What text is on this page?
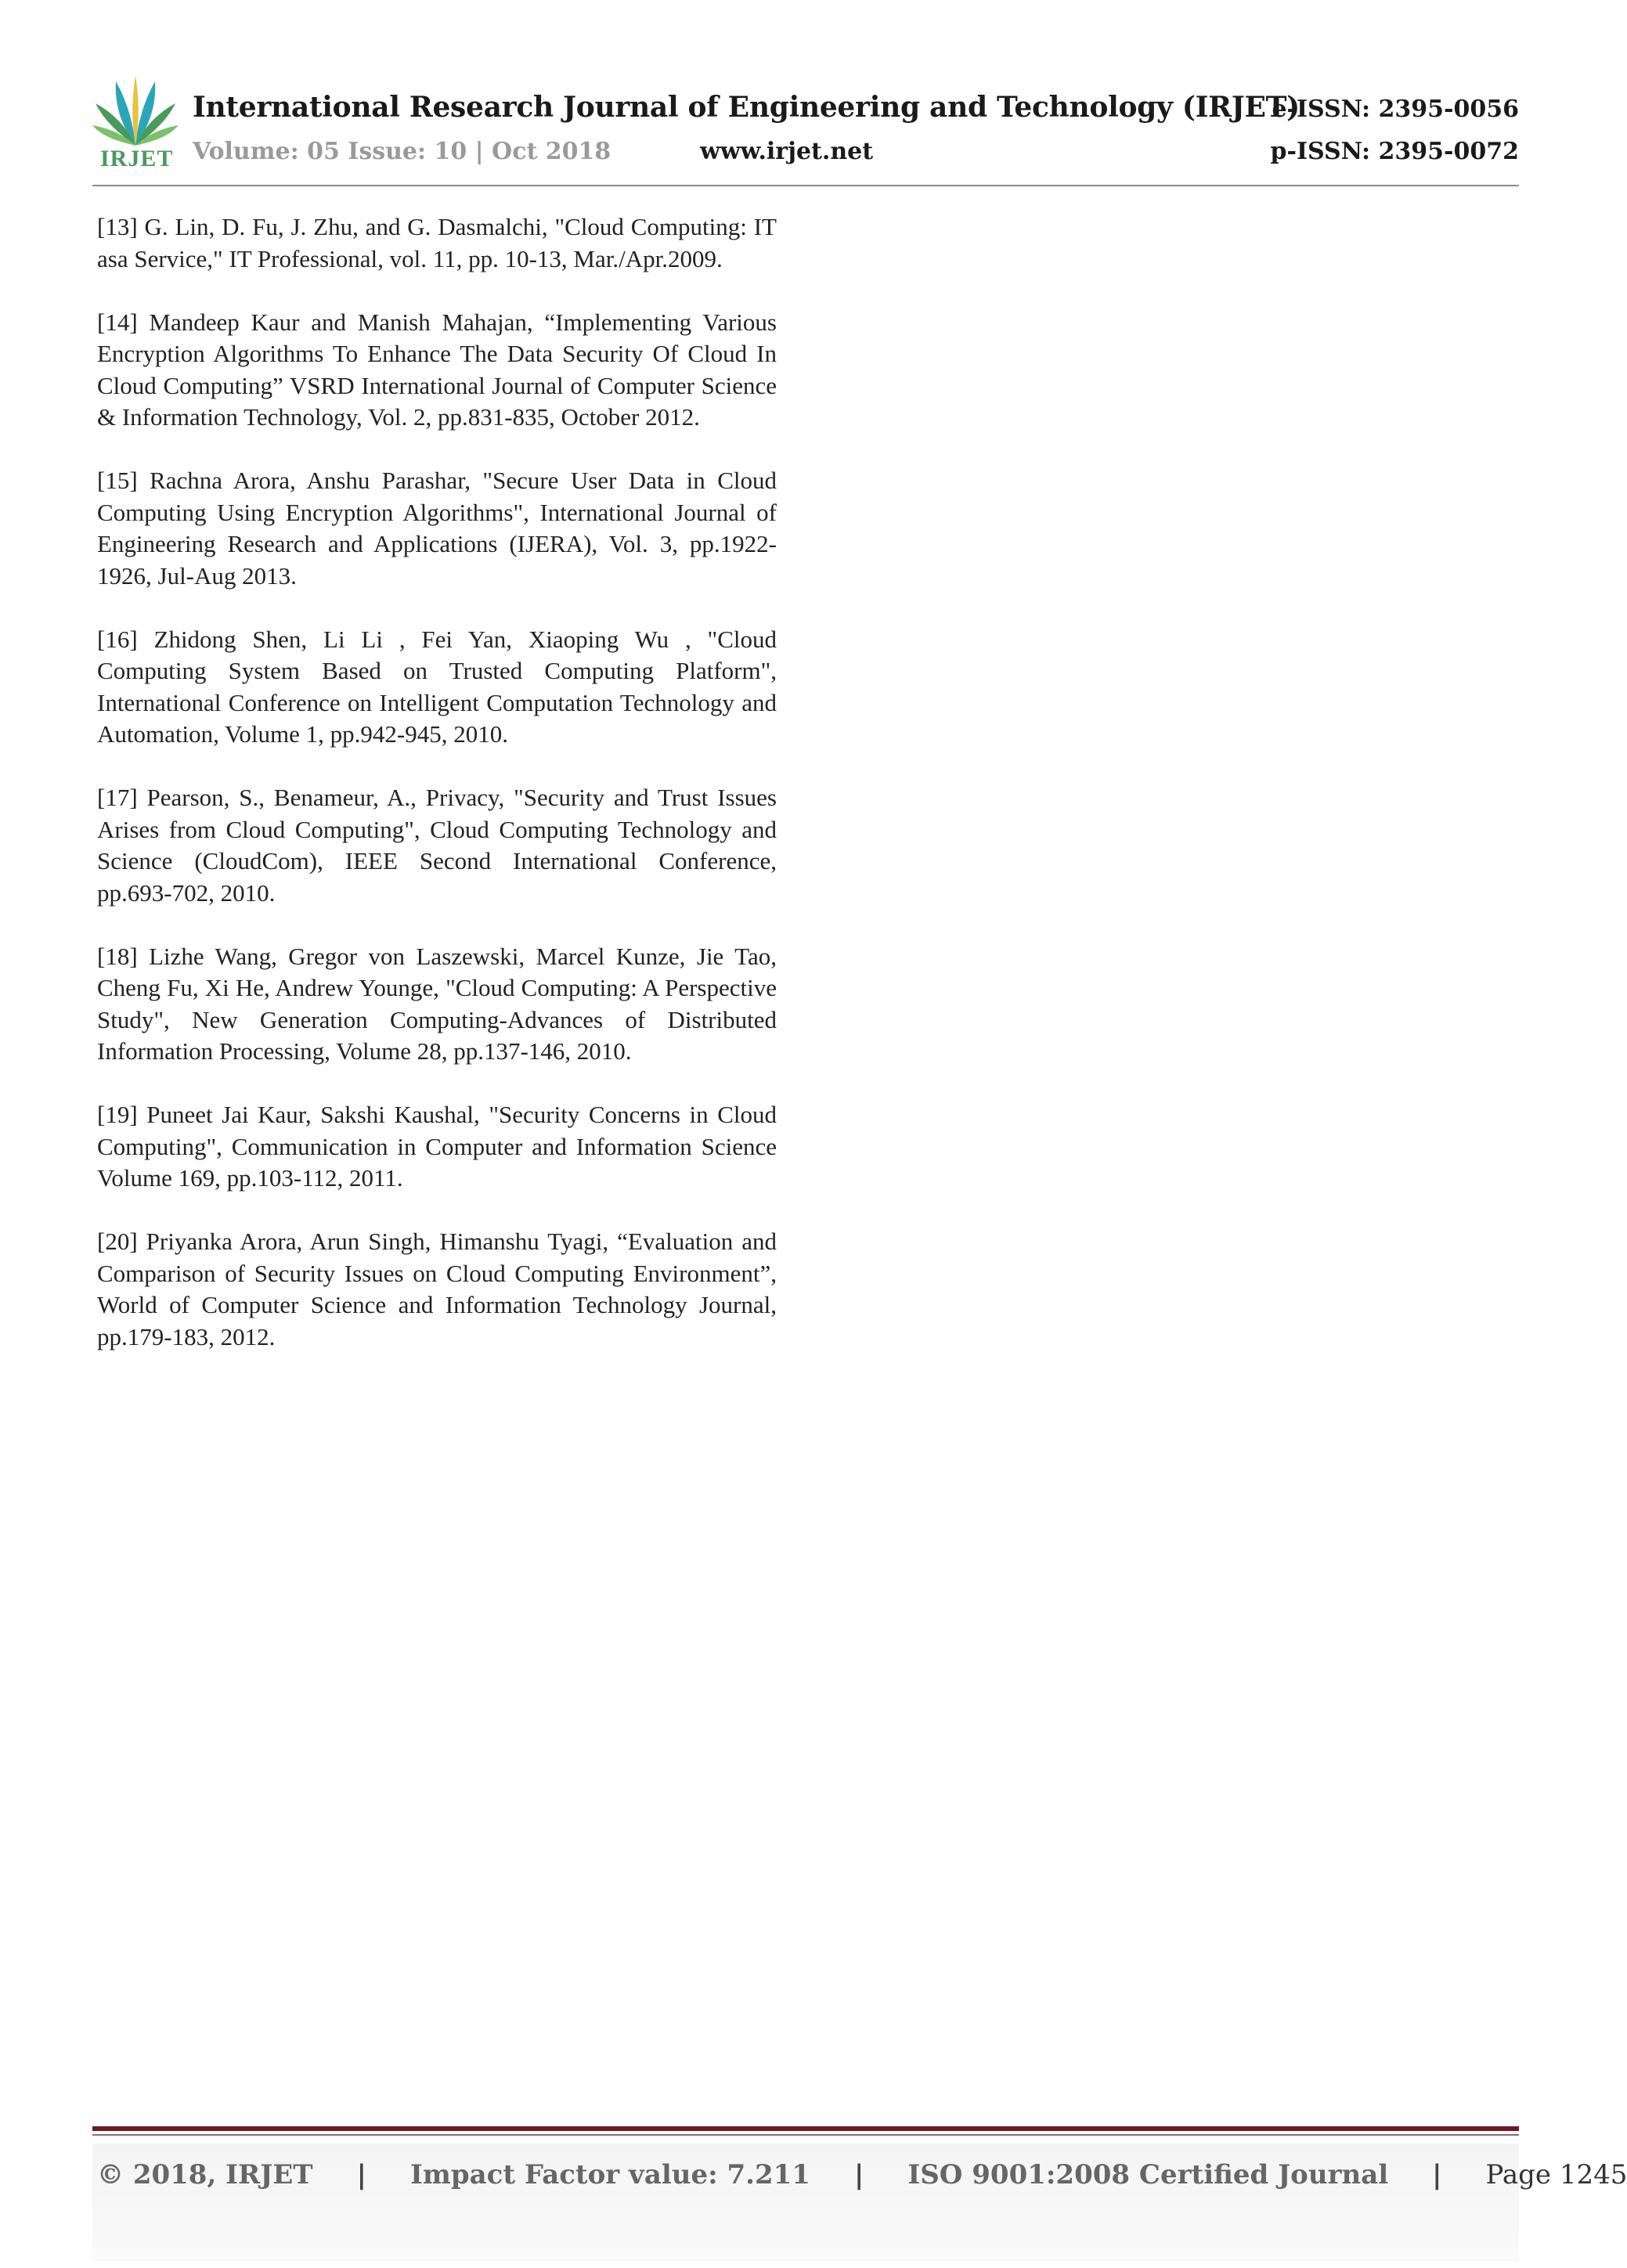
IRJET
International Research Journal of Engineering and Technology (IRJET)
Volume: 05 Issue: 10 | Oct 2018	www.irjet.net
e-ISSN: 2395-0056
p-ISSN: 2395-0072

[13] G. Lin, D. Fu, J. Zhu, and G. Dasmalchi, "Cloud Computing: IT asa Service," IT Professional, vol. 11, pp. 10-13, Mar./Apr.2009.

[14] Mandeep Kaur and Manish Mahajan, “Implementing Various Encryption Algorithms To Enhance The Data Security Of Cloud In Cloud Computing” VSRD International Journal of Computer Science & Information Technology, Vol. 2, pp.831-835, October 2012.

[15] Rachna Arora, Anshu Parashar, "Secure User Data in Cloud Computing Using Encryption Algorithms", International Journal of Engineering Research and Applications (IJERA), Vol. 3, pp.1922-1926, Jul-Aug 2013.

[16] Zhidong Shen, Li Li , Fei Yan, Xiaoping Wu , "Cloud Computing System Based on Trusted Computing Platform", International Conference on Intelligent Computation Technology and Automation, Volume 1, pp.942-945, 2010.

[17] Pearson, S., Benameur, A., Privacy, "Security and Trust Issues Arises from Cloud Computing", Cloud Computing Technology and Science (CloudCom), IEEE Second International Conference, pp.693-702, 2010.

[18] Lizhe Wang, Gregor von Laszewski, Marcel Kunze, Jie Tao, Cheng Fu, Xi He, Andrew Younge, "Cloud Computing: A Perspective Study", New Generation Computing-Advances of Distributed Information Processing, Volume 28, pp.137-146, 2010.

[19] Puneet Jai Kaur, Sakshi Kaushal, "Security Concerns in Cloud Computing", Communication in Computer and Information Science Volume 169, pp.103-112, 2011.

[20] Priyanka Arora, Arun Singh, Himanshu Tyagi, “Evaluation and Comparison of Security Issues on Cloud Computing Environment”, World of Computer Science and Information Technology Journal, pp.179-183, 2012.

© 2018, IRJET | Impact Factor value: 7.211 | ISO 9001:2008 Certified Journal | Page 1245
